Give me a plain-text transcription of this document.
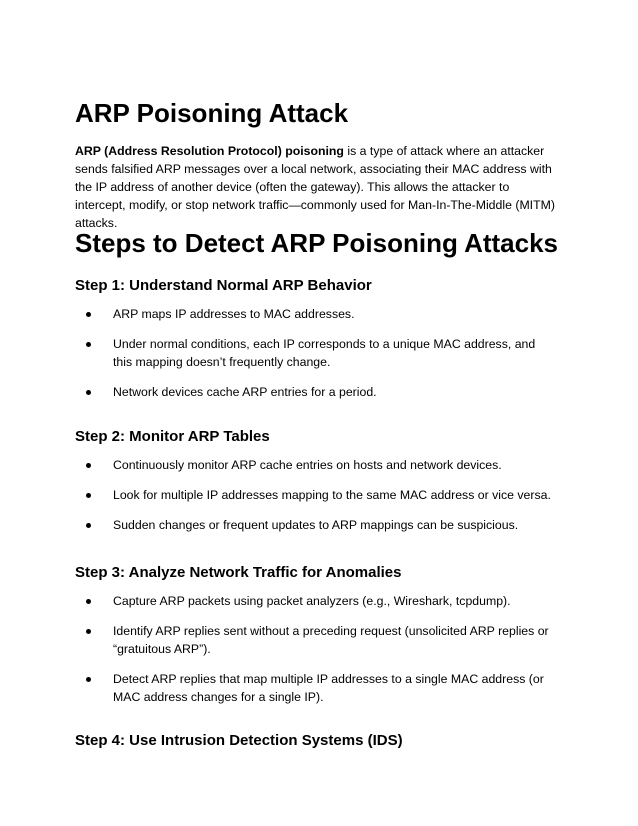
ARP Poisoning Attack

ARP (Address Resolution Protocol) poisoning is a type of attack where an attacker sends falsified ARP messages over a local network, associating their MAC address with the IP address of another device (often the gateway). This allows the attacker to intercept, modify, or stop network traffic—commonly used for Man-In-The-Middle (MITM) attacks.

Steps to Detect ARP Poisoning Attacks
Step 1: Understand Normal ARP Behavior
ARP maps IP addresses to MAC addresses.
Under normal conditions, each IP corresponds to a unique MAC address, and this mapping doesn’t frequently change.
Network devices cache ARP entries for a period.
Step 2: Monitor ARP Tables
Continuously monitor ARP cache entries on hosts and network devices.
Look for multiple IP addresses mapping to the same MAC address or vice versa.
Sudden changes or frequent updates to ARP mappings can be suspicious.
Step 3: Analyze Network Traffic for Anomalies
Capture ARP packets using packet analyzers (e.g., Wireshark, tcpdump).
Identify ARP replies sent without a preceding request (unsolicited ARP replies or “gratuitous ARP”).
Detect ARP replies that map multiple IP addresses to a single MAC address (or MAC address changes for a single IP).
Step 4: Use Intrusion Detection Systems (IDS)
